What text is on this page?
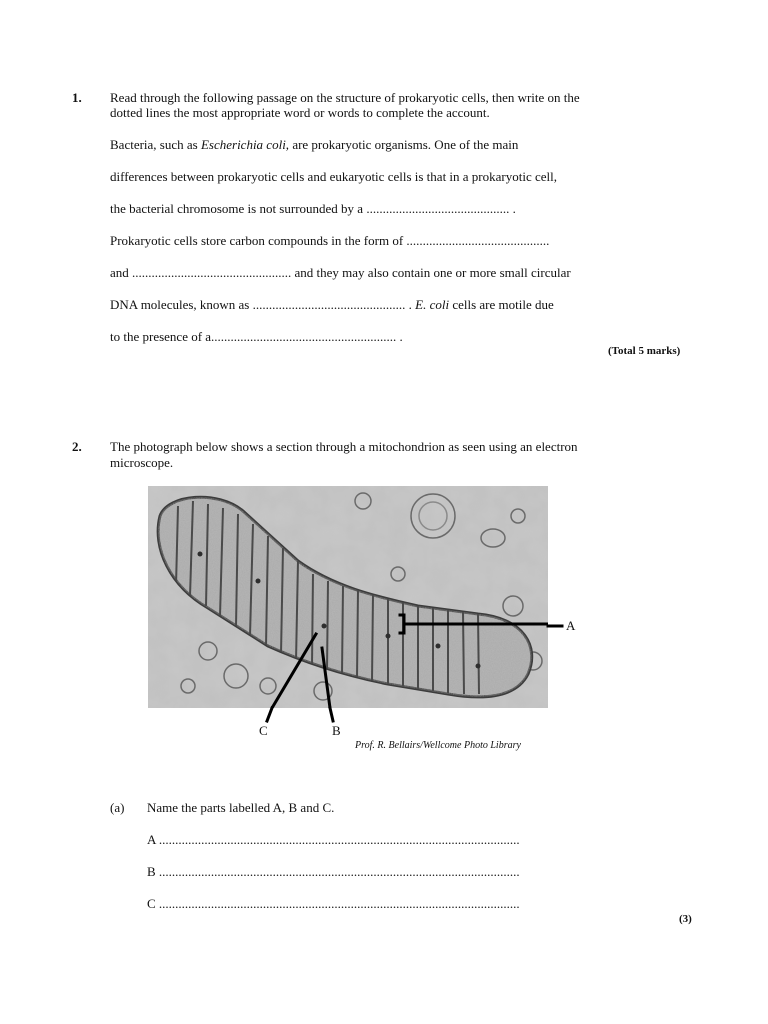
1. Read through the following passage on the structure of prokaryotic cells, then write on the
dotted lines the most appropriate word or words to complete the account.
Bacteria, such as Escherichia coli, are prokaryotic organisms. One of the main
differences between prokaryotic cells and eukaryotic cells is that in a prokaryotic cell,
the bacterial chromosome is not surrounded by a ............................................ .
Prokaryotic cells store carbon compounds in the form of ............................................
and ................................................. and they may also contain one or more small circular
DNA molecules, known as ............................................... . E. coli cells are motile due
to the presence of a......................................................... .
(Total 5 marks)
2. The photograph below shows a section through a mitochondrion as seen using an electron
microscope.
A
C	B
Prof. R. Bellairs/Wellcome Photo Library
(a) Name the parts labelled A, B and C.
A ...............................................................................................................
B ...............................................................................................................
C ...............................................................................................................
(3)
